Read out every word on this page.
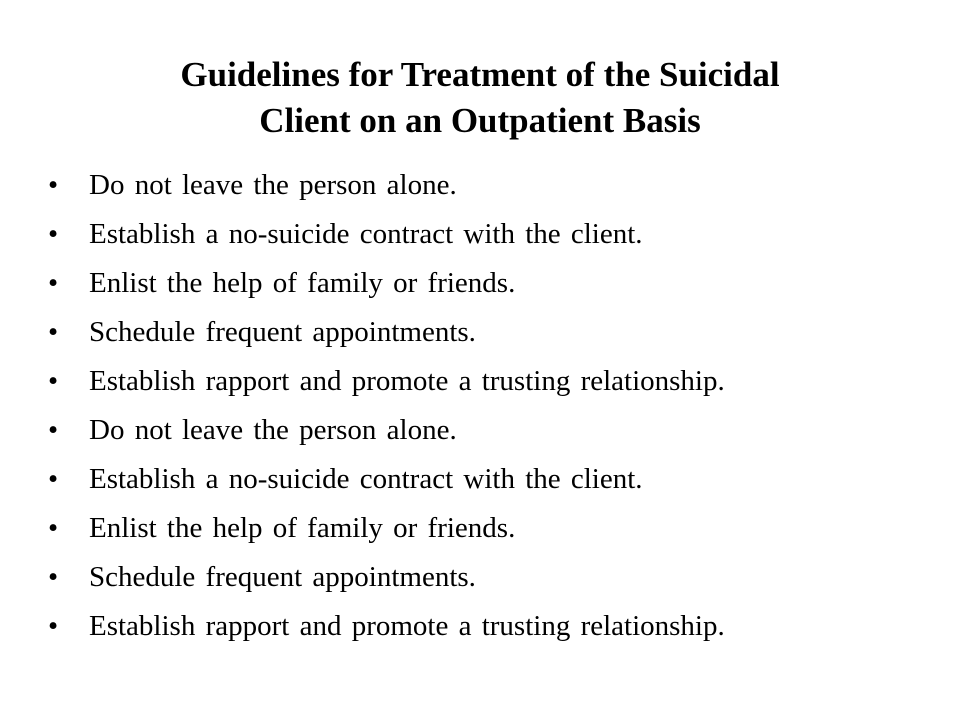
Guidelines for Treatment of the Suicidal
Client on an Outpatient Basis
• Do not leave the person alone.
• Establish a no-suicide contract with the client.
• Enlist the help of family or friends.
• Schedule frequent appointments.
• Establish rapport and promote a trusting relationship.
• Do not leave the person alone.
• Establish a no-suicide contract with the client.
• Enlist the help of family or friends.
• Schedule frequent appointments.
• Establish rapport and promote a trusting relationship.
